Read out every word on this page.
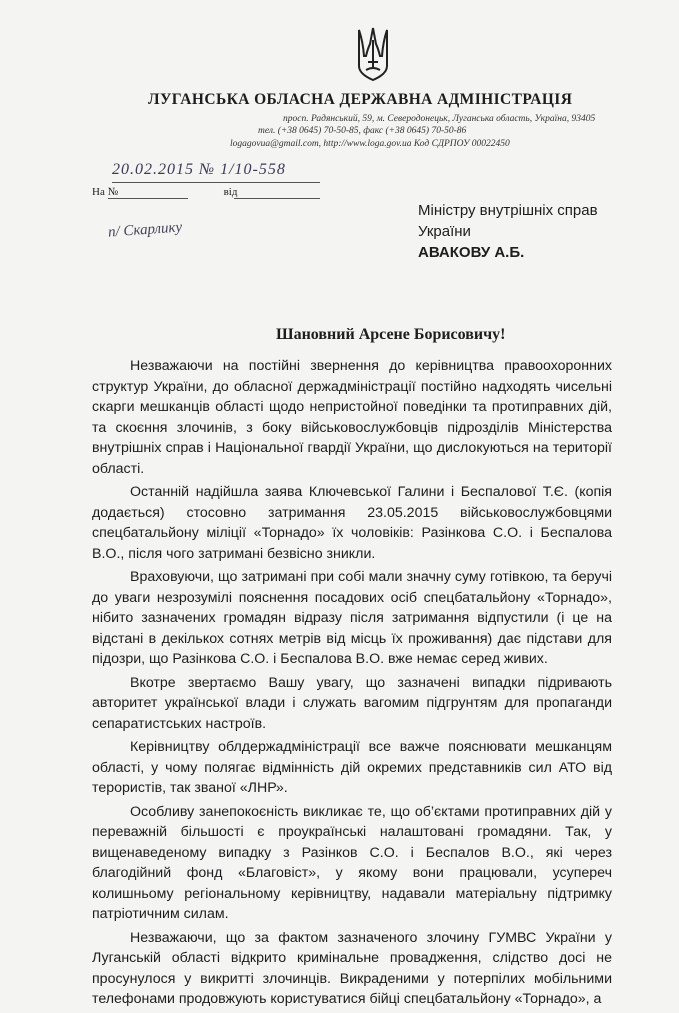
ЛУГАНСЬКА ОБЛАСНА ДЕРЖАВНА АДМІНІСТРАЦІЯ
просп. Радянський, 59, м. Северодонецьк, Луганська область, Україна, 93405
тел. (+38 0645) 70-50-85, факс (+38 0645) 70-50-86
logagovua@gmail.com, http://www.loga.gov.ua Код СДРПОУ 00022450
20.02.2015 № 1/10-558
На №	від
п/ Скарлику
Міністру внутрішніх справ
України
АВАКОВУ А.Б.
Шановний Арсене Борисовичу!

Незважаючи на постійні звернення до керівництва правоохоронних структур України, до обласної держадміністрації постійно надходять чисельні скарги мешканців області щодо непристойної поведінки та протиправних дій, та скоєння злочинів, з боку військовослужбовців підрозділів Міністерства внутрішніх справ і Національної гвардії України, що дислокуються на території області.

Останній надійшла заява Ключевської Галини і Беспалової Т.Є. (копія додається) стосовно затримання 23.05.2015 військовослужбовцями спецбатальйону міліції «Торнадо» їх чоловіків: Разінкова С.О. і Беспалова В.О., після чого затримані безвісно зникли.

Враховуючи, що затримані при собі мали значну суму готівкою, та беручі до уваги незрозумілі пояснення посадових осіб спецбатальйону «Торнадо», нібито зазначених громадян відразу після затримання відпустили (і це на відстані в декількох сотнях метрів від місць їх проживання) дає підстави для підозри, що Разінкова С.О. і Беспалова В.О. вже немає серед живих.

Вкотре звертаємо Вашу увагу, що зазначені випадки підривають авторитет української влади і служать вагомим підгрунтям для пропаганди сепаратистських настроїв.

Керівництву облдержадміністрації все важче пояснювати мешканцям області, у чому полягає відмінність дій окремих представників сил АТО від терористів, так званої «ЛНР».

Особливу занепокоєність викликає те, що об’єктами протиправних дій у переважній більшості є проукраїнські налаштовані громадяни. Так, у вищенаведеному випадку з Разінков С.О. і Беспалов В.О., які через благодійний фонд «Благовіст», у якому вони працювали, усупереч колишньому регіональному керівництву, надавали матеріальну підтримку патріотичним силам.

Незважаючи, що за фактом зазначеного злочину ГУМВС України у Луганській області відкрито кримінальне провадження, слідство досі не просунулося у викритті злочинців. Викраденими у потерпілих мобільними телефонами продовжують користуватися бійці спецбатальйону «Торнадо», а
